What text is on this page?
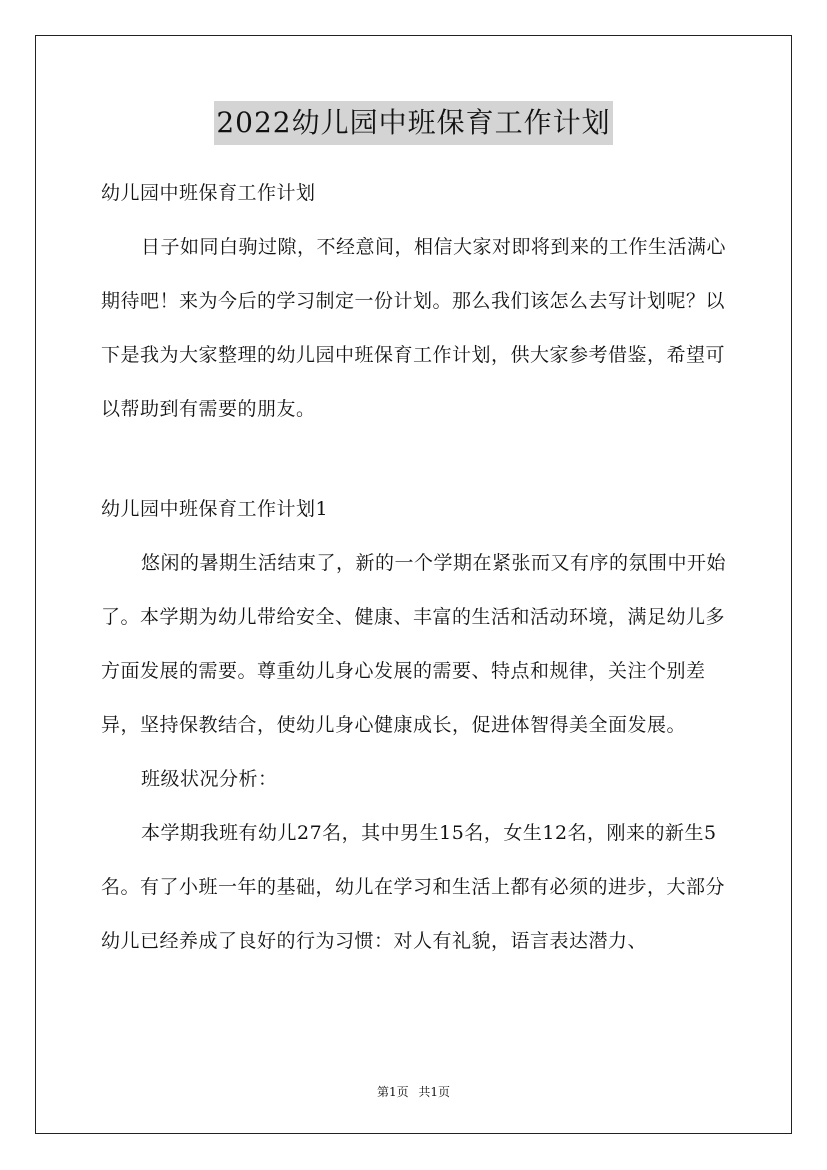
2022幼儿园中班保育工作计划

幼儿园中班保育工作计划

日子如同白驹过隙，不经意间，相信大家对即将到来的工作生活满心期待吧！来为今后的学习制定一份计划。那么我们该怎么去写计划呢？以下是我为大家整理的幼儿园中班保育工作计划，供大家参考借鉴，希望可以帮助到有需要的朋友。

幼儿园中班保育工作计划1

悠闲的暑期生活结束了，新的一个学期在紧张而又有序的氛围中开始了。本学期为幼儿带给安全、健康、丰富的生活和活动环境，满足幼儿多方面发展的需要。尊重幼儿身心发展的需要、特点和规律，关注个别差异，坚持保教结合，使幼儿身心健康成长，促进体智得美全面发展。

班级状况分析：

本学期我班有幼儿27名，其中男生15名，女生12名，刚来的新生5名。有了小班一年的基础，幼儿在学习和生活上都有必须的进步，大部分幼儿已经养成了良好的行为习惯：对人有礼貌，语言表达潜力、

第1页 共1页
